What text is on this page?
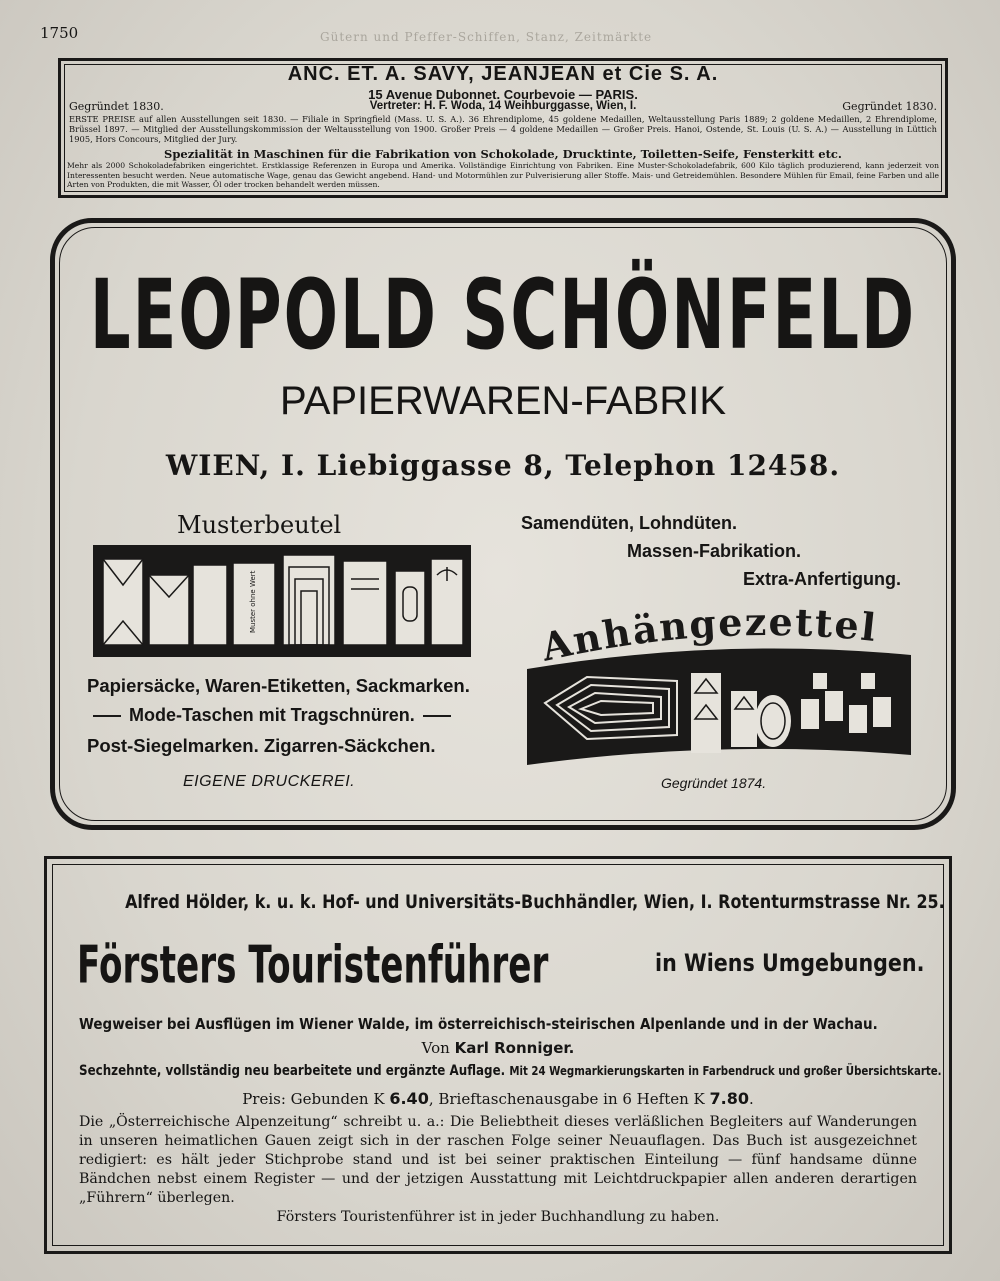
1750	Gütern und Pfeffer-Schiffen, Stanz, Zeitmärkte
ANC. ET. A. SAVY, JEANJEAN et Cie S. A.
15 Avenue Dubonnet. Courbevoie — PARIS.
Gegründet 1830.	Gegründet 1830.
Vertreter: H. F. Woda, 14 Weihburggasse, Wien, I.
ERSTE PREISE auf allen Ausstellungen seit 1830. — Filiale in Springfield (Mass. U. S. A.). 36 Ehrendiplome, 45 goldene Medaillen, Weltausstellung Paris 1889; 2 goldene Medaillen, 2 Ehrendiplome, Brüssel 1897. — Mitglied der Ausstellungskommission der Weltausstellung von 1900. Großer Preis — 4 goldene Medaillen — Großer Preis. Hanoi, Ostende, St. Louis (U. S. A.) — Ausstellung in Lüttich 1905, Hors Concours, Mitglied der Jury.
Spezialität in Maschinen für die Fabrikation von Schokolade, Drucktinte, Toiletten-Seife, Fensterkitt etc.
Mehr als 2000 Schokoladefabriken eingerichtet. Erstklassige Referenzen in Europa und Amerika. Vollständige Einrichtung von Fabriken. Eine Muster-Schokoladefabrik, 600 Kilo täglich produzierend, kann jederzeit von Interessenten besucht werden. Neue automatische Wage, genau das Gewicht angebend. Hand- und Motormühlen zur Pulverisierung aller Stoffe. Mais- und Getreidemühlen. Besondere Mühlen für Email, feine Farben und alle Arten von Produkten, die mit Wasser, Öl oder trocken behandelt werden müssen.
LEOPOLD SCHÖNFELD
PAPIERWAREN-FABRIK
WIEN, I. Liebiggasse 8, Telephon 12458.
Musterbeutel	Samendüten, Lohndüten.
Massen-Fabrikation.
Extra-Anfertigung.
Muster ohne Wert
Anhängezettel
Papiersäcke, Waren-Etiketten, Sackmarken.
Mode-Taschen mit Tragschnüren.
Post-Siegelmarken. Zigarren-Säckchen.
EIGENE DRUCKEREI.	Gegründet 1874.
Alfred Hölder, k. u. k. Hof- und Universitäts-Buchhändler, Wien, I. Rotenturmstrasse Nr. 25.
Försters Touristenführer	in Wiens Umgebungen.
Wegweiser bei Ausflügen im Wiener Walde, im österreichisch-steirischen Alpenlande und in der Wachau.
Von Karl Ronniger.
Sechzehnte, vollständig neu bearbeitete und ergänzte Auflage. Mit 24 Wegmarkierungskarten in Farbendruck und großer Übersichtskarte.
Preis: Gebunden K 6.40, Brieftaschenausgabe in 6 Heften K 7.80.
Die „Österreichische Alpenzeitung“ schreibt u. a.: Die Beliebtheit dieses verläßlichen Begleiters auf Wanderungen in unseren heimatlichen Gauen zeigt sich in der raschen Folge seiner Neuauflagen. Das Buch ist ausgezeichnet redigiert: es hält jeder Stichprobe stand und ist bei seiner praktischen Einteilung — fünf handsame dünne Bändchen nebst einem Register — und der jetzigen Ausstattung mit Leichtdruckpapier allen anderen derartigen „Führern“ überlegen.
Försters Touristenführer ist in jeder Buchhandlung zu haben.
